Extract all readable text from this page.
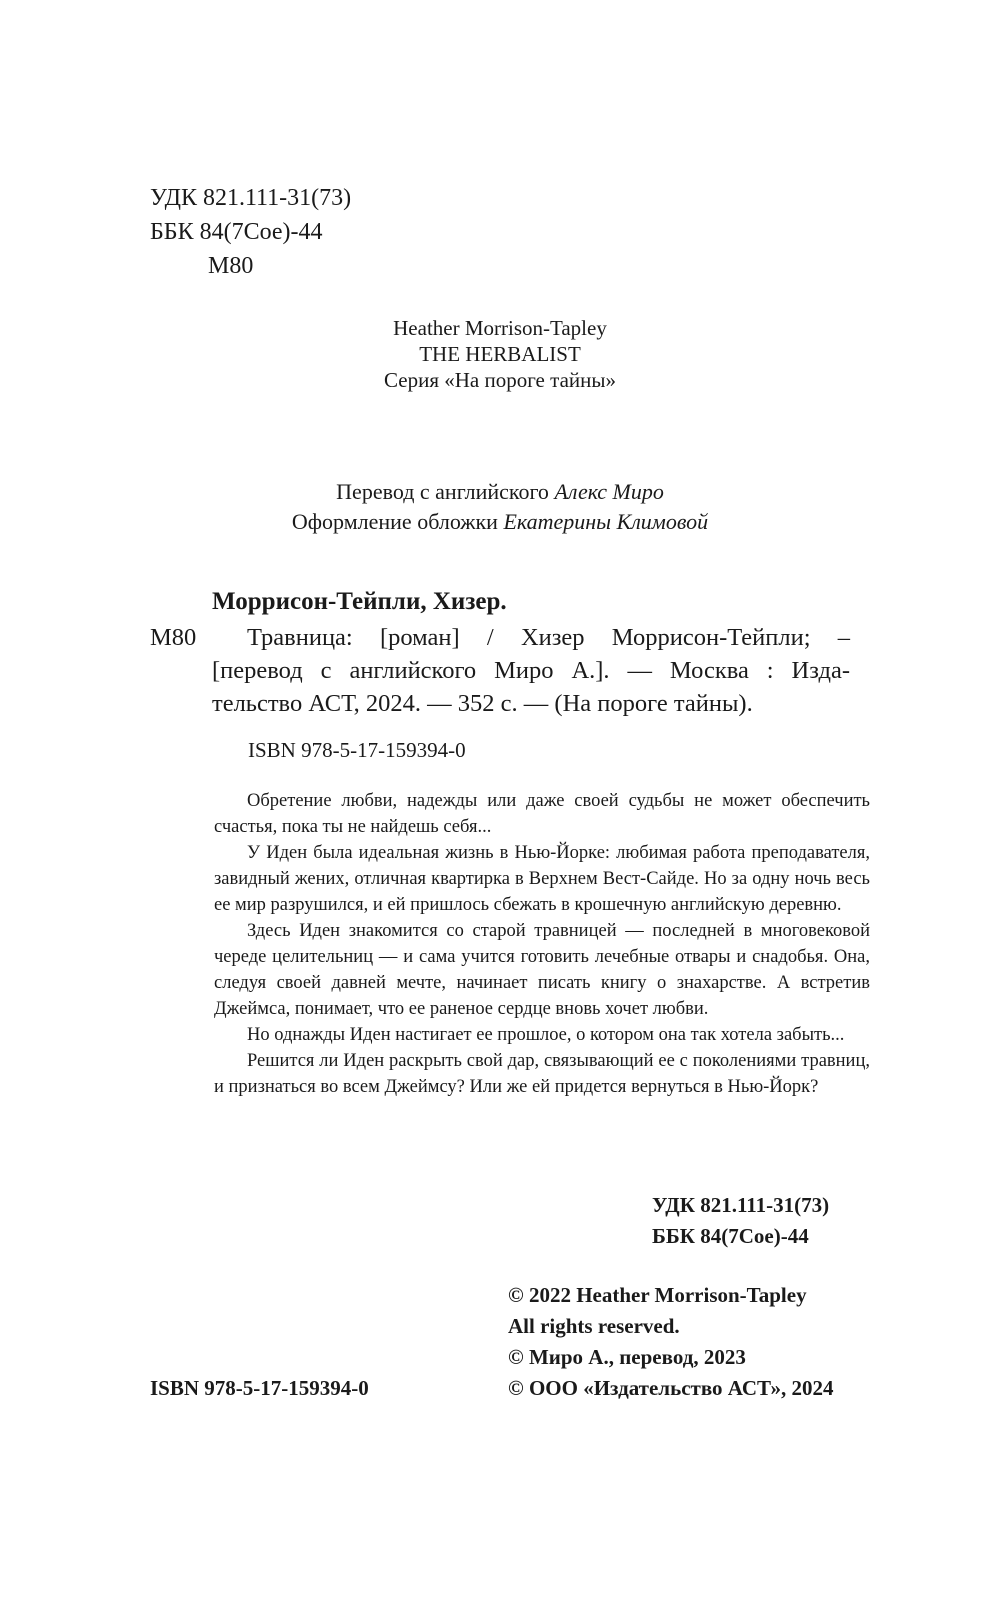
УДК 821.111-31(73)
ББК 84(7Сое)-44
М80
Heather Morrison-Tapley
THE HERBALIST
Серия «На пороге тайны»
Перевод с английского Алекс Миро
Оформление обложки Екатерины Климовой
Моррисон-Тейпли, Хизер.
М80 Травница: [роман] / Хизер Моррисон-Тейпли; –
[перевод с английского Миро А.]. — Москва : Изда-
тельство АСТ, 2024. — 352 с. — (На пороге тайны).
ISBN 978-5-17-159394-0

Обретение любви, надежды или даже своей судьбы не может обеспечить счастья, пока ты не найдешь себя...

У Иден была идеальная жизнь в Нью-Йорке: любимая работа преподавателя, завидный жених, отличная квартирка в Верхнем Вест-Сайде. Но за одну ночь весь ее мир разрушился, и ей пришлось сбежать в крошечную английскую деревню.

Здесь Иден знакомится со старой травницей — последней в многовековой череде целительниц — и сама учится готовить лечебные отвары и снадобья. Она, следуя своей давней мечте, начинает писать книгу о знахарстве. А встретив Джеймса, понимает, что ее раненое сердце вновь хочет любви.

Но однажды Иден настигает ее прошлое, о котором она так хотела забыть...

Решится ли Иден раскрыть свой дар, связывающий ее с поколениями травниц, и признаться во всем Джеймсу? Или же ей придется вернуться в Нью-Йорк?

УДК 821.111-31(73)
ББК 84(7Сое)-44
© 2022 Heather Morrison-Tapley
All rights reserved.
© Миро А., перевод, 2023
© ООО «Издательство АСТ», 2024
ISBN 978-5-17-159394-0
